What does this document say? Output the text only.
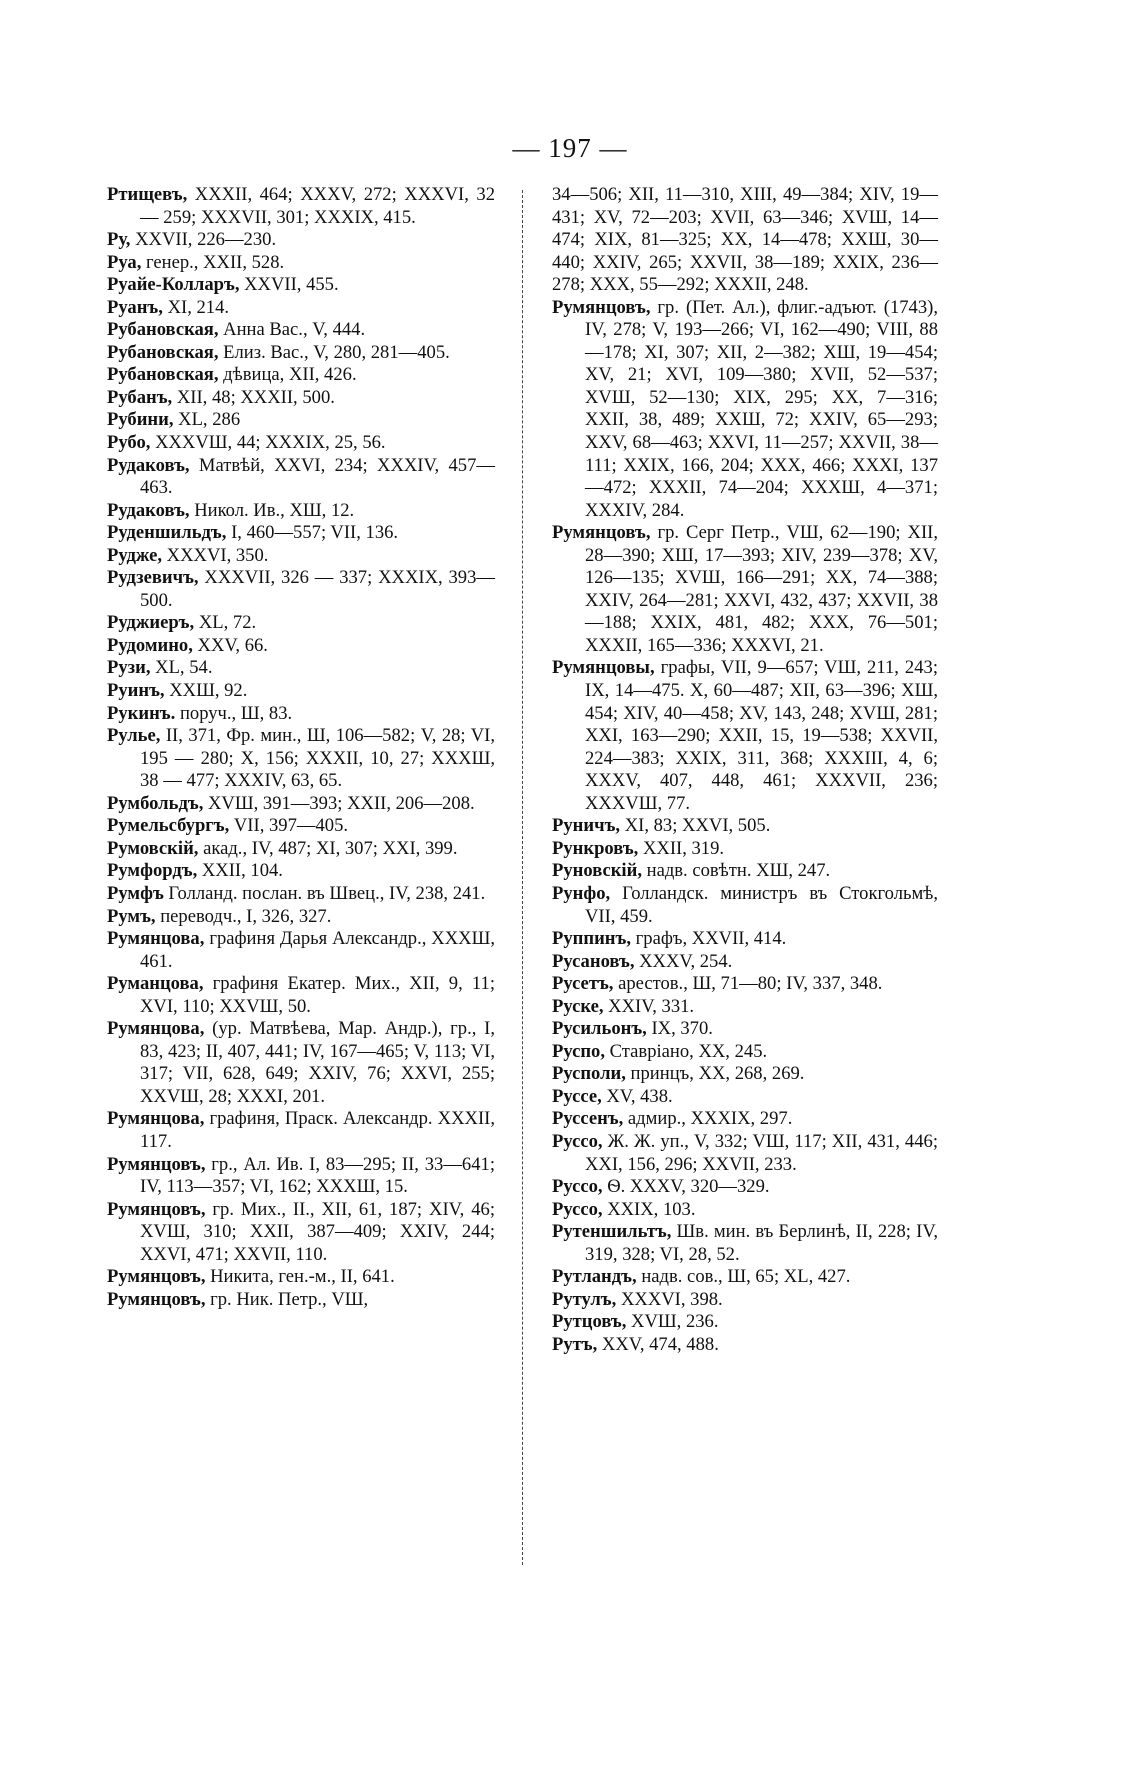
— 197 —

Ртищевъ, XXXII, 464; XXXV, 272; XXXVI, 32 — 259; XXXVII, 301; XXXIX, 415.

Ру, XXVII, 226—230.

Руа, генер., XXII, 528.

Руайе-Колларъ, XXVII, 455.

Руанъ, XI, 214.

Рубановская, Анна Вас., V, 444.

Рубановская, Елиз. Вас., V, 280, 281—405.

Рубановская, дѣвица, XII, 426.

Рубанъ, XII, 48; XXXII, 500.

Рубини, XL, 286

Рубо, XXXVШ, 44; XXXIX, 25, 56.

Рудаковъ, Матвѣй, XXVI, 234; XXXIV, 457—463.

Рудаковъ, Никол. Ив., XШ, 12.

Руденшильдъ, I, 460—557; VII, 136.

Рудже, XXXVI, 350.

Рудзевичъ, XXXVII, 326 — 337; XXXIX, 393—500.

Руджиеръ, XL, 72.

Рудомино, XXV, 66.

Рузи, XL, 54.

Руинъ, XXШ, 92.

Рукинъ. поруч., Ш, 83.

Рулье, II, 371, Фр. мин., Ш, 106—582; V, 28; VI, 195 — 280; X, 156; XXXII, 10, 27; XXXШ, 38 — 477; XXXIV, 63, 65.

Румбольдъ, XVШ, 391—393; XXII, 206—208.

Румельсбургъ, VII, 397—405.

Румовскій, акад., IV, 487; XI, 307; XXI, 399.

Румфордъ, XXII, 104.

Румфъ Голланд. послан. въ Швец., IV, 238, 241.

Румъ, переводч., I, 326, 327.

Румянцова, графиня Дарья Александр., XXXШ, 461.

Руманцова, графиня Екатер. Мих., XII, 9, 11; XVI, 110; XXVШ, 50.

Румянцова, (ур. Матвѣева, Мар. Андр.), гр., I, 83, 423; II, 407, 441; IV, 167—465; V, 113; VI, 317; VII, 628, 649; XXIV, 76; XXVI, 255; XXVШ, 28; XXXI, 201.

Румянцова, графиня, Праск. Александр. XXXII, 117.

Румянцовъ, гр., Ал. Ив. I, 83—295; II, 33—641; IV, 113—357; VI, 162; XXXШ, 15.

Румянцовъ, гр. Мих., II., XII, 61, 187; XIV, 46; XVШ, 310; XXII, 387—409; XXIV, 244; XXVI, 471; XXVII, 110.

Румянцовъ, Никита, ген.-м., II, 641.

Румянцовъ, гр. Ник. Петр., VШ,

34—506; XII, 11—310, XIII, 49—384; XIV, 19—431; XV, 72—203; XVII, 63—346; XVШ, 14—474; XIX, 81—325; XX, 14—478; XXШ, 30—440; XXIV, 265; XXVII, 38—189; XXIX, 236—278; XXX, 55—292; XXXII, 248.

Румянцовъ, гр. (Пет. Ал.), флиг.-адъют. (1743), IV, 278; V, 193—266; VI, 162—490; VIII, 88—178; XI, 307; XII, 2—382; XШ, 19—454; XV, 21; XVI, 109—380; XVII, 52—537; XVШ, 52—130; XIX, 295; XX, 7—316; XXII, 38, 489; XXШ, 72; XXIV, 65—293; XXV, 68—463; XXVI, 11—257; XXVII, 38—111; XXIX, 166, 204; XXX, 466; XXXI, 137—472; XXXII, 74—204; XXXШ, 4—371; XXXIV, 284.

Румянцовъ, гр. Серг Петр., VШ, 62—190; XII, 28—390; XШ, 17—393; XIV, 239—378; XV, 126—135; XVШ, 166—291; XX, 74—388; XXIV, 264—281; XXVI, 432, 437; XXVII, 38—188; XXIX, 481, 482; XXX, 76—501; XXXII, 165—336; XXXVI, 21.

Румянцовы, графы, VII, 9—657; VШ, 211, 243; IX, 14—475. X, 60—487; XII, 63—396; XШ, 454; XIV, 40—458; XV, 143, 248; XVШ, 281; XXI, 163—290; XXII, 15, 19—538; XXVII, 224—383; XXIX, 311, 368; XXXIII, 4, 6; XXXV, 407, 448, 461; XXXVII, 236; XXXVШ, 77.

Руничъ, XI, 83; XXVI, 505.

Рункровъ, XXII, 319.

Руновскій, надв. совѣтн. XШ, 247.

Рунфо, Голландск. министръ въ Стокгольмѣ, VII, 459.

Руппинъ, графъ, XXVII, 414.

Русановъ, XXXV, 254.

Русетъ, арестов., Ш, 71—80; IV, 337, 348.

Руске, XXIV, 331.

Русильонъ, IX, 370.

Руспо, Ставріано, XX, 245.

Русполи, принцъ, XX, 268, 269.

Руссе, XV, 438.

Руссенъ, адмир., XXXIX, 297.

Руссо, Ж. Ж. уп., V, 332; VШ, 117; XII, 431, 446; XXI, 156, 296; XXVII, 233.

Руссо, Ѳ. XXXV, 320—329.

Руссо, XXIX, 103.

Рутеншильтъ, Шв. мин. въ Берлинѣ, II, 228; IV, 319, 328; VI, 28, 52.

Рутландъ, надв. сов., Ш, 65; XL, 427.

Рутулъ, XXXVI, 398.

Рутцовъ, XVШ, 236.

Рутъ, XXV, 474, 488.
